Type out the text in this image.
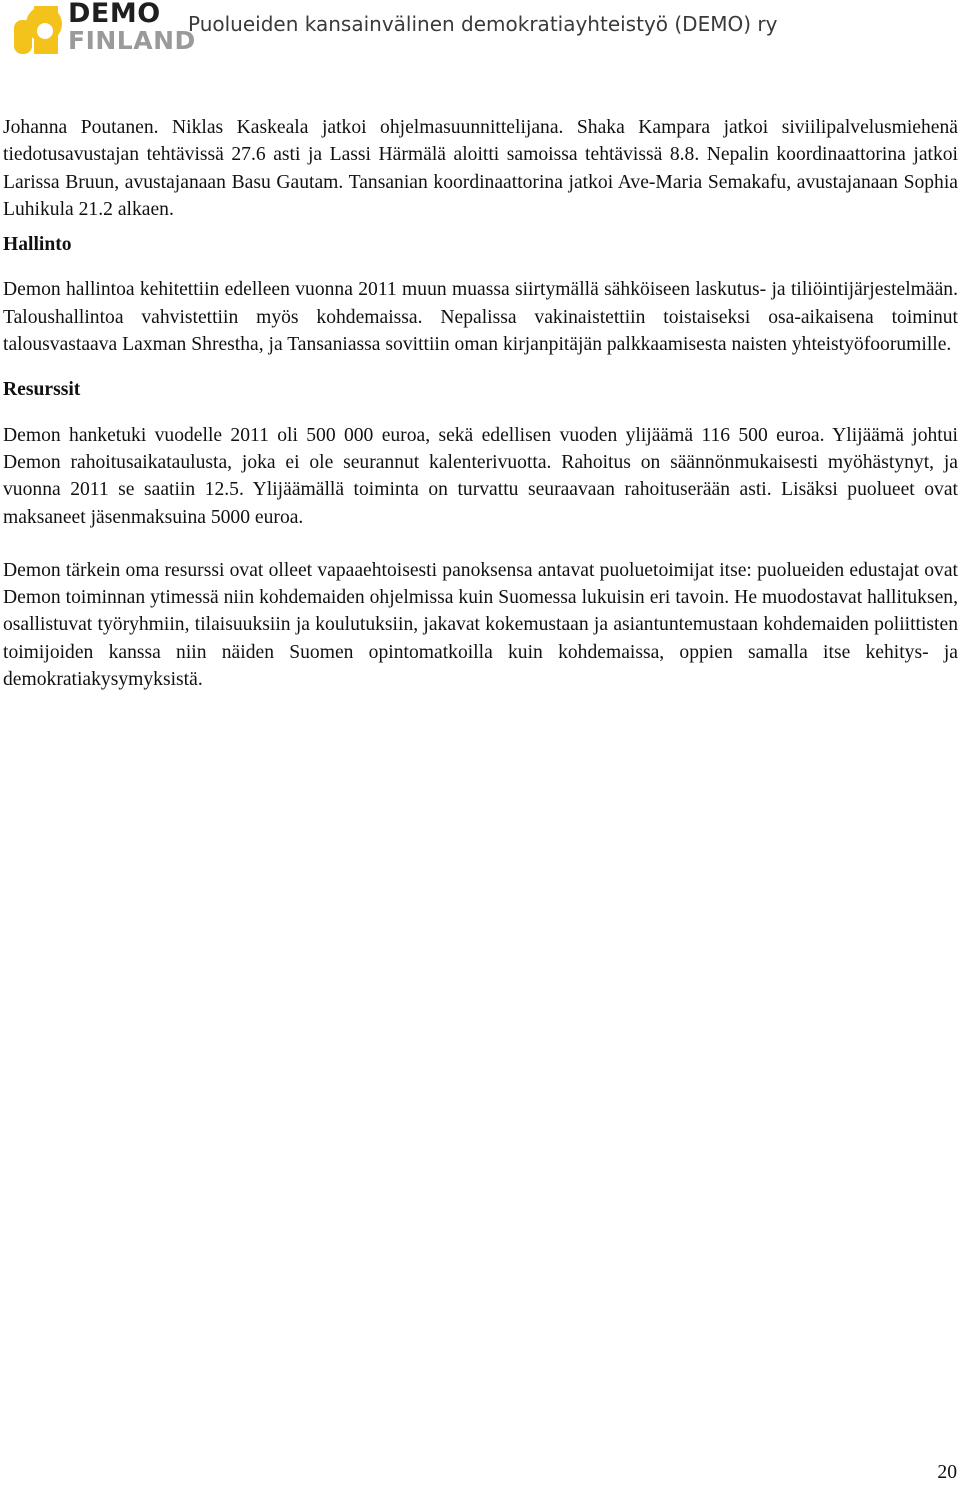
DEMO
FINLAND
Puolueiden kansainvälinen demokratiayhteistyö (DEMO) ry

Johanna Poutanen. Niklas Kaskeala jatkoi ohjelmasuunnittelijana. Shaka Kampara jatkoi siviilipalvelusmiehenä tiedotusavustajan tehtävissä 27.6 asti ja Lassi Härmälä aloitti samoissa tehtävissä 8.8. Nepalin koordinaattorina jatkoi Larissa Bruun, avustajanaan Basu Gautam. Tansanian koordinaattorina jatkoi Ave-Maria Semakafu, avustajanaan Sophia Luhikula 21.2 alkaen.

Hallinto

Demon hallintoa kehitettiin edelleen vuonna 2011 muun muassa siirtymällä sähköiseen laskutus- ja tiliöintijärjestelmään. Taloushallintoa vahvistettiin myös kohdemaissa. Nepalissa vakinaistettiin toistaiseksi osa-aikaisena toiminut talousvastaava Laxman Shrestha, ja Tansaniassa sovittiin oman kirjanpitäjän palkkaamisesta naisten yhteistyöfoorumille.

Resurssit

Demon hanketuki vuodelle 2011 oli 500 000 euroa, sekä edellisen vuoden ylijäämä 116 500 euroa. Ylijäämä johtui Demon rahoitusaikataulusta, joka ei ole seurannut kalenterivuotta. Rahoitus on säännönmukaisesti myöhästynyt, ja vuonna 2011 se saatiin 12.5. Ylijäämällä toiminta on turvattu seuraavaan rahoituserään asti. Lisäksi puolueet ovat maksaneet jäsenmaksuina 5000 euroa.

Demon tärkein oma resurssi ovat olleet vapaaehtoisesti panoksensa antavat puoluetoimijat itse: puolueiden edustajat ovat Demon toiminnan ytimessä niin kohdemaiden ohjelmissa kuin Suomessa lukuisin eri tavoin. He muodostavat hallituksen, osallistuvat työryhmiin, tilaisuuksiin ja koulutuksiin, jakavat kokemustaan ja asiantuntemustaan kohdemaiden poliittisten toimijoiden kanssa niin näiden Suomen opintomatkoilla kuin kohdemaissa, oppien samalla itse kehitys- ja demokratiakysymyksistä.

20
